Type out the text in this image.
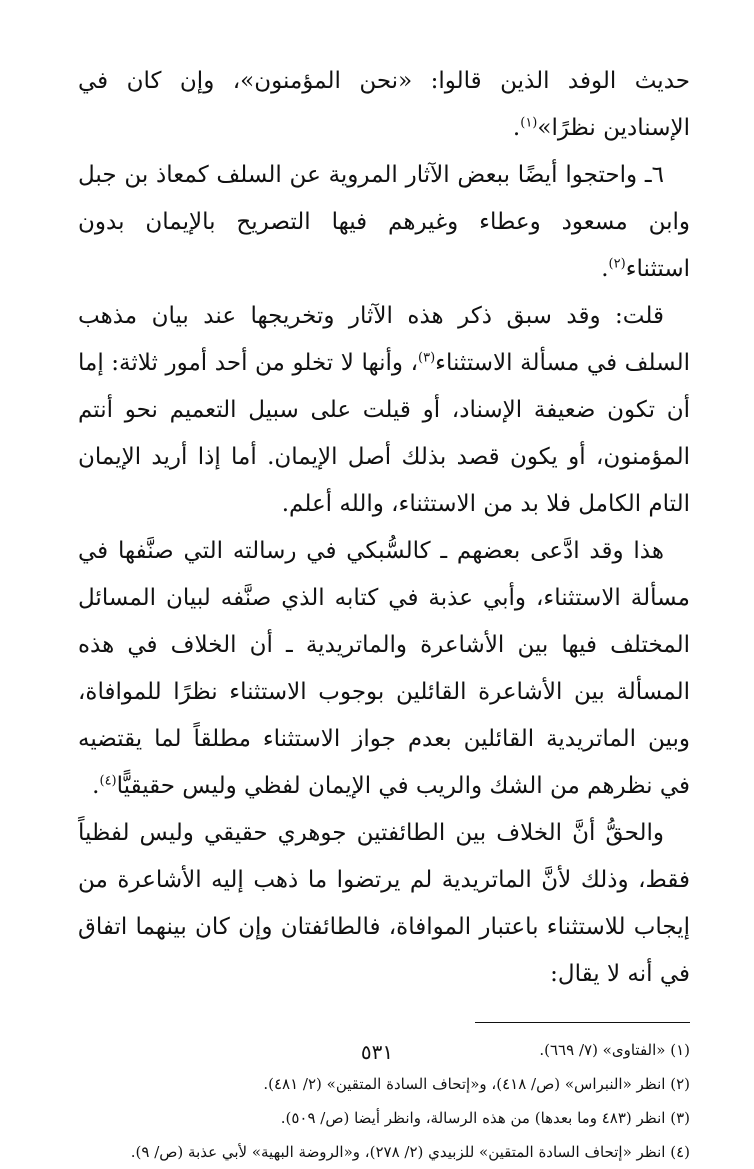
حديث الوفد الذين قالوا: «نحن المؤمنون»، وإن كان في الإسنادين نظرًا»$^{(١)}$.

٦ـ واحتجوا أيضًا ببعض الآثار المروية عن السلف كمعاذ بن جبل وابن مسعود وعطاء وغيرهم فيها التصريح بالإيمان بدون استثناء$^{(٢)}$.

قلت: وقد سبق ذكر هذه الآثار وتخريجها عند بيان مذهب السلف في مسألة الاستثناء$^{(٣)}$، وأنها لا تخلو من أحد أمور ثلاثة: إما أن تكون ضعيفة الإسناد، أو قيلت على سبيل التعميم نحو أنتم المؤمنون، أو يكون قصد بذلك أصل الإيمان. أما إذا أريد الإيمان التام الكامل فلا بد من الاستثناء، والله أعلم.

هذا وقد ادَّعى بعضهم ـ كالسُّبكي في رسالته التي صنَّفها في مسألة الاستثناء، وأبي عذبة في كتابه الذي صنَّفه لبيان المسائل المختلف فيها بين الأشاعرة والماتريدية ـ أن الخلاف في هذه المسألة بين الأشاعرة القائلين بوجوب الاستثناء نظرًا للموافاة، وبين الماتريدية القائلين بعدم جواز الاستثناء مطلقاً لما يقتضيه في نظرهم من الشك والريب في الإيمان لفظي وليس حقيقيًّا$^{(٤)}$.

والحقُّ أنَّ الخلاف بين الطائفتين جوهري حقيقي وليس لفظياً فقط، وذلك لأنَّ الماتريدية لم يرتضوا ما ذهب إليه الأشاعرة من إيجاب للاستثناء باعتبار الموافاة، فالطائفتان وإن كان بينهما اتفاق في أنه لا يقال:

(١) «الفتاوى» (٧/ ٦٦٩).
(٢) انظر «النبراس» (ص/ ٤١٨)، و«إتحاف السادة المتقين» (٢/ ٤٨١).
(٣) انظر (٤٨٣ وما بعدها) من هذه الرسالة، وانظر أيضا (ص/ ٥٠٩).
(٤) انظر «إتحاف السادة المتقين» للزبيدي (٢/ ٢٧٨)، و«الروضة البهية» لأبي عذبة (ص/ ٩).
٥٣١
